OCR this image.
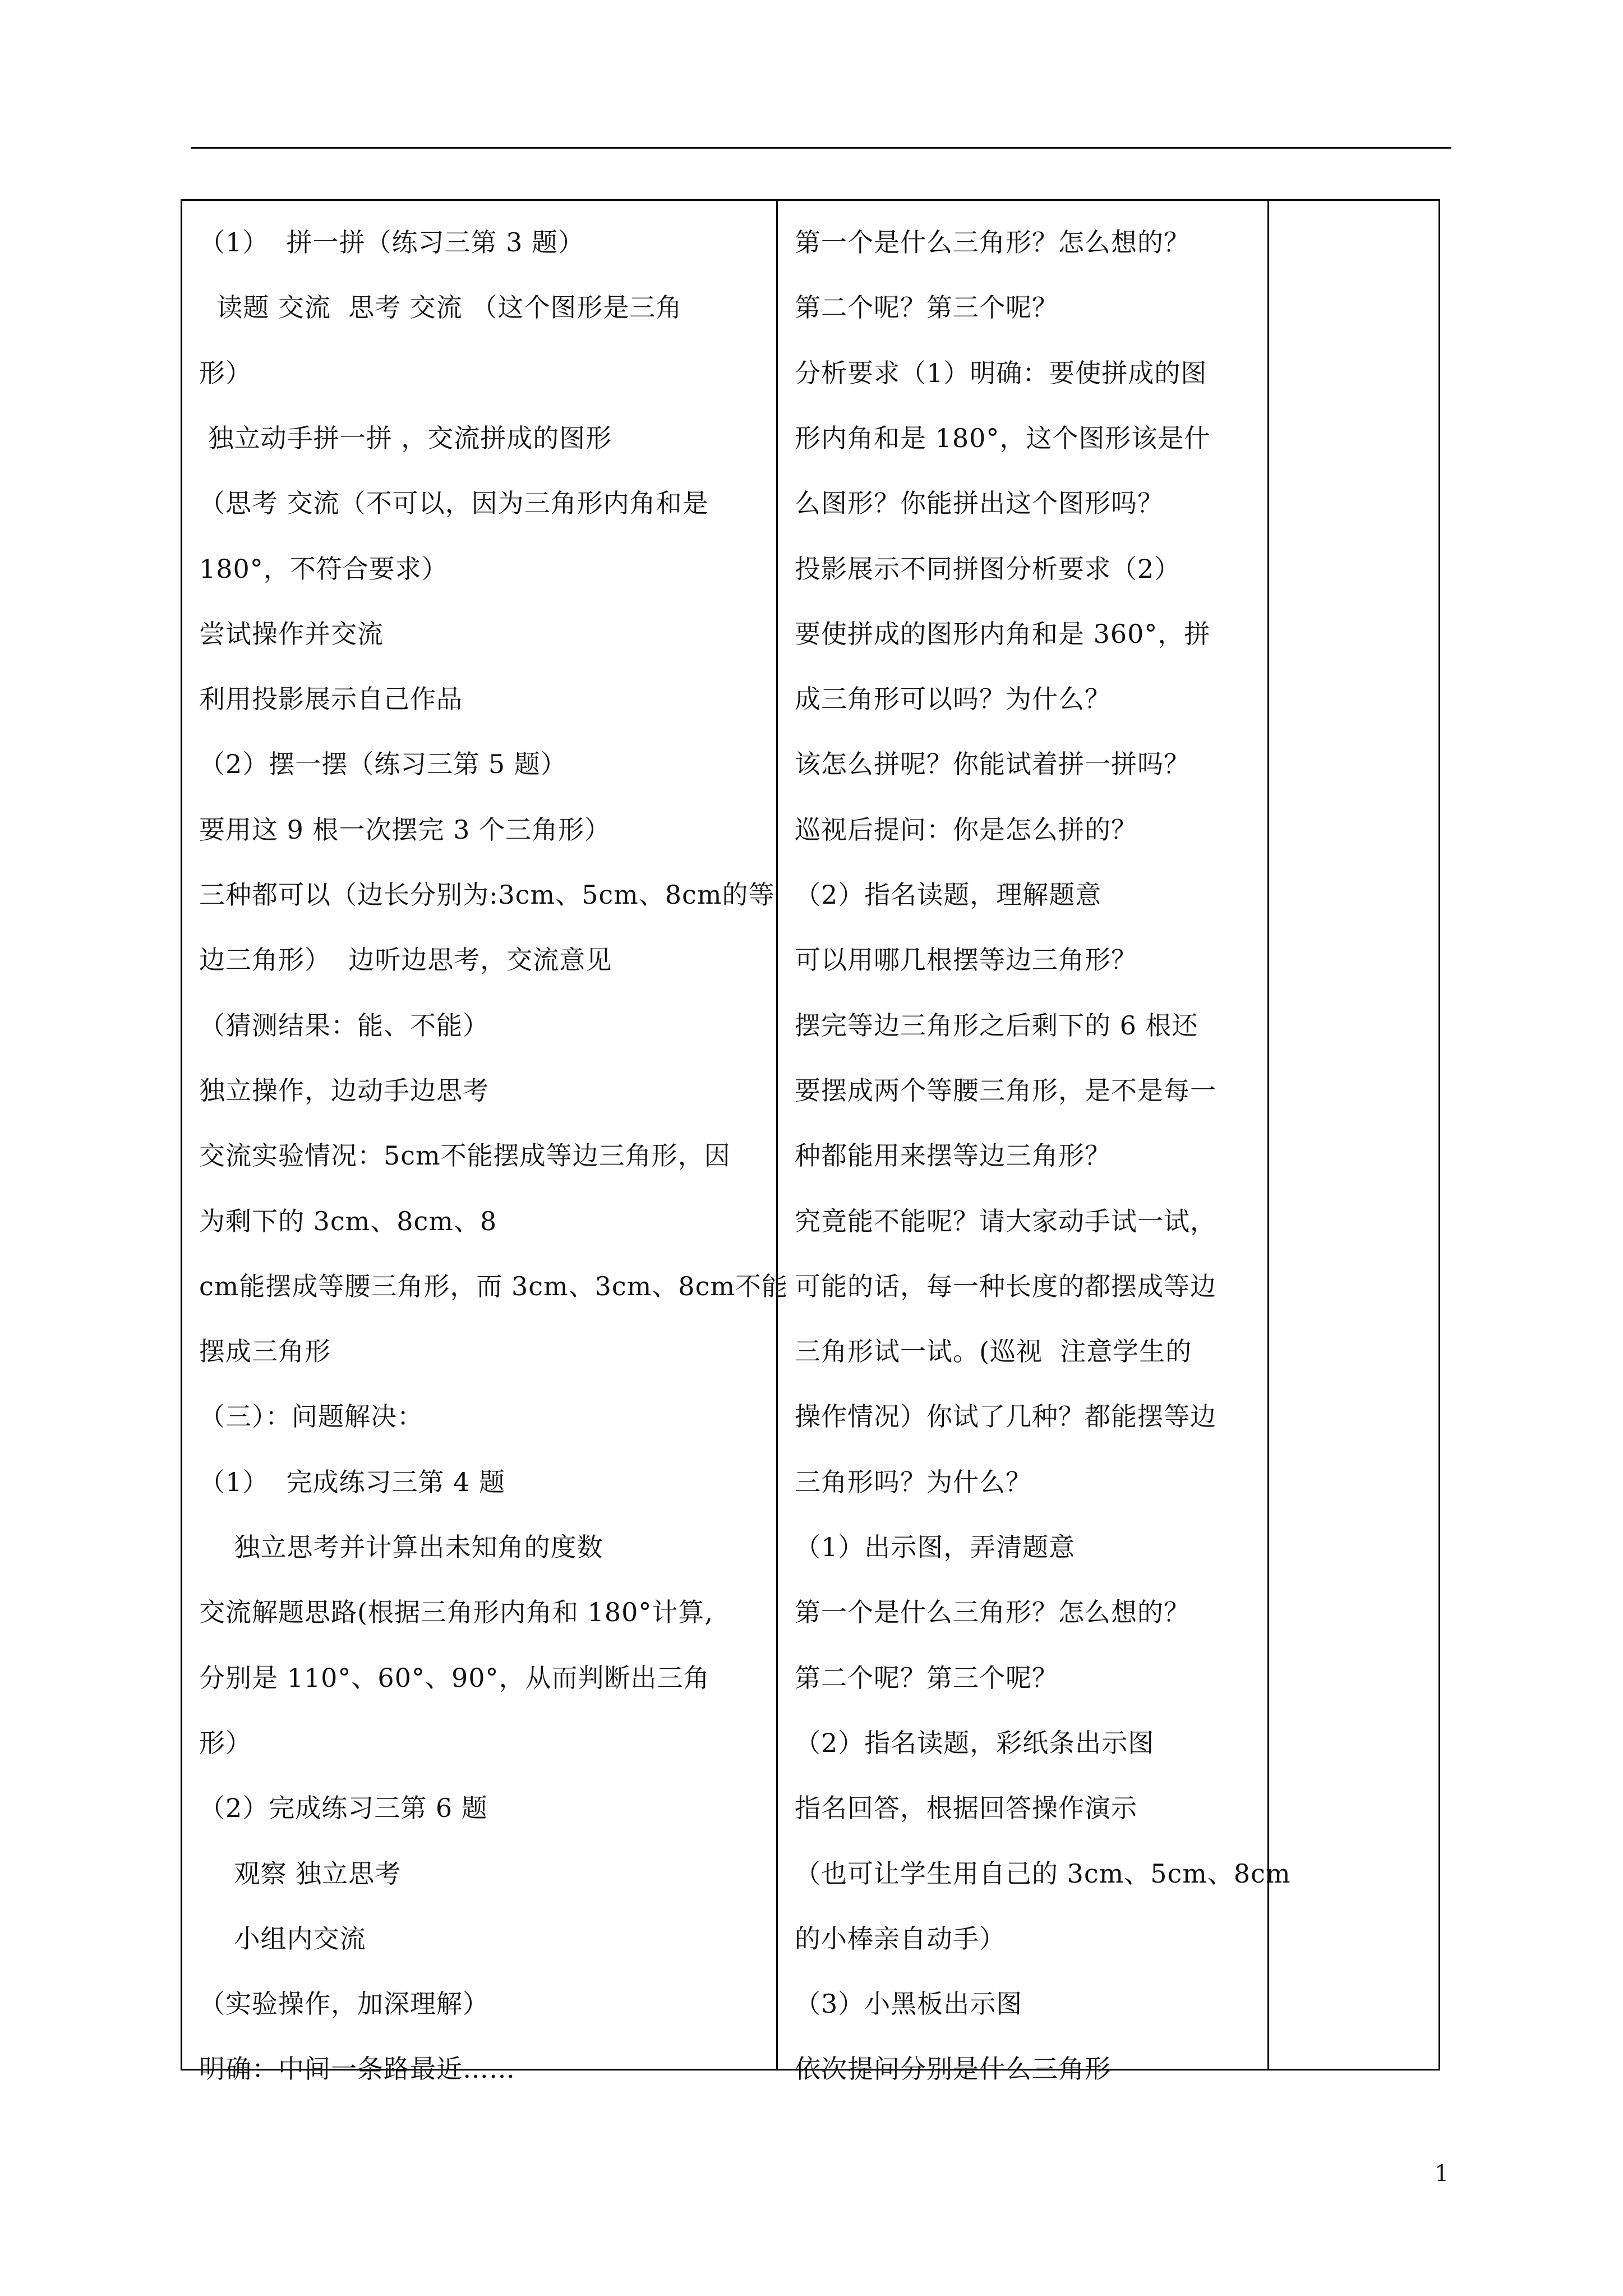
（1）  拼一拼（练习三第 3 题）
读题 交流  思考 交流 （这个图形是三角
形）
独立动手拼一拼 ，交流拼成的图形
（思考 交流（不可以，因为三角形内角和是
180°，不符合要求）
尝试操作并交流
利用投影展示自己作品
（2）摆一摆（练习三第 5 题）
要用这 9 根一次摆完 3 个三角形）
三种都可以（边长分别为:3cm、5cm、8cm的等
边三角形）  边听边思考，交流意见
（猜测结果：能、不能）
独立操作，边动手边思考
交流实验情况：5cm不能摆成等边三角形，因
为剩下的 3cm、8cm、8
cm能摆成等腰三角形，而 3cm、3cm、8cm不能
摆成三角形
（三）：问题解决：
（1）  完成练习三第 4 题
独立思考并计算出未知角的度数
交流解题思路(根据三角形内角和 180°计算,
分别是 110°、60°、90°，从而判断出三角
形）
（2）完成练习三第 6 题
观察 独立思考
小组内交流
（实验操作，加深理解）
明确：中间一条路最近……
第一个是什么三角形？怎么想的？
第二个呢？第三个呢？
分析要求（1）明确：要使拼成的图
形内角和是 180°，这个图形该是什
么图形？你能拼出这个图形吗？
投影展示不同拼图分析要求（2）
要使拼成的图形内角和是 360°，拼
成三角形可以吗？为什么？
该怎么拼呢？你能试着拼一拼吗？
巡视后提问：你是怎么拼的？
（2）指名读题，理解题意
可以用哪几根摆等边三角形？
摆完等边三角形之后剩下的 6 根还
要摆成两个等腰三角形，是不是每一
种都能用来摆等边三角形？
究竟能不能呢？请大家动手试一试，
可能的话，每一种长度的都摆成等边
三角形试一试。(巡视  注意学生的
操作情况）你试了几种？都能摆等边
三角形吗？为什么？
（1）出示图，弄清题意
第一个是什么三角形？怎么想的？
第二个呢？第三个呢？
（2）指名读题，彩纸条出示图
指名回答，根据回答操作演示
（也可让学生用自己的 3cm、5cm、8cm
的小棒亲自动手）
（3）小黑板出示图
依次提问分别是什么三角形
1
